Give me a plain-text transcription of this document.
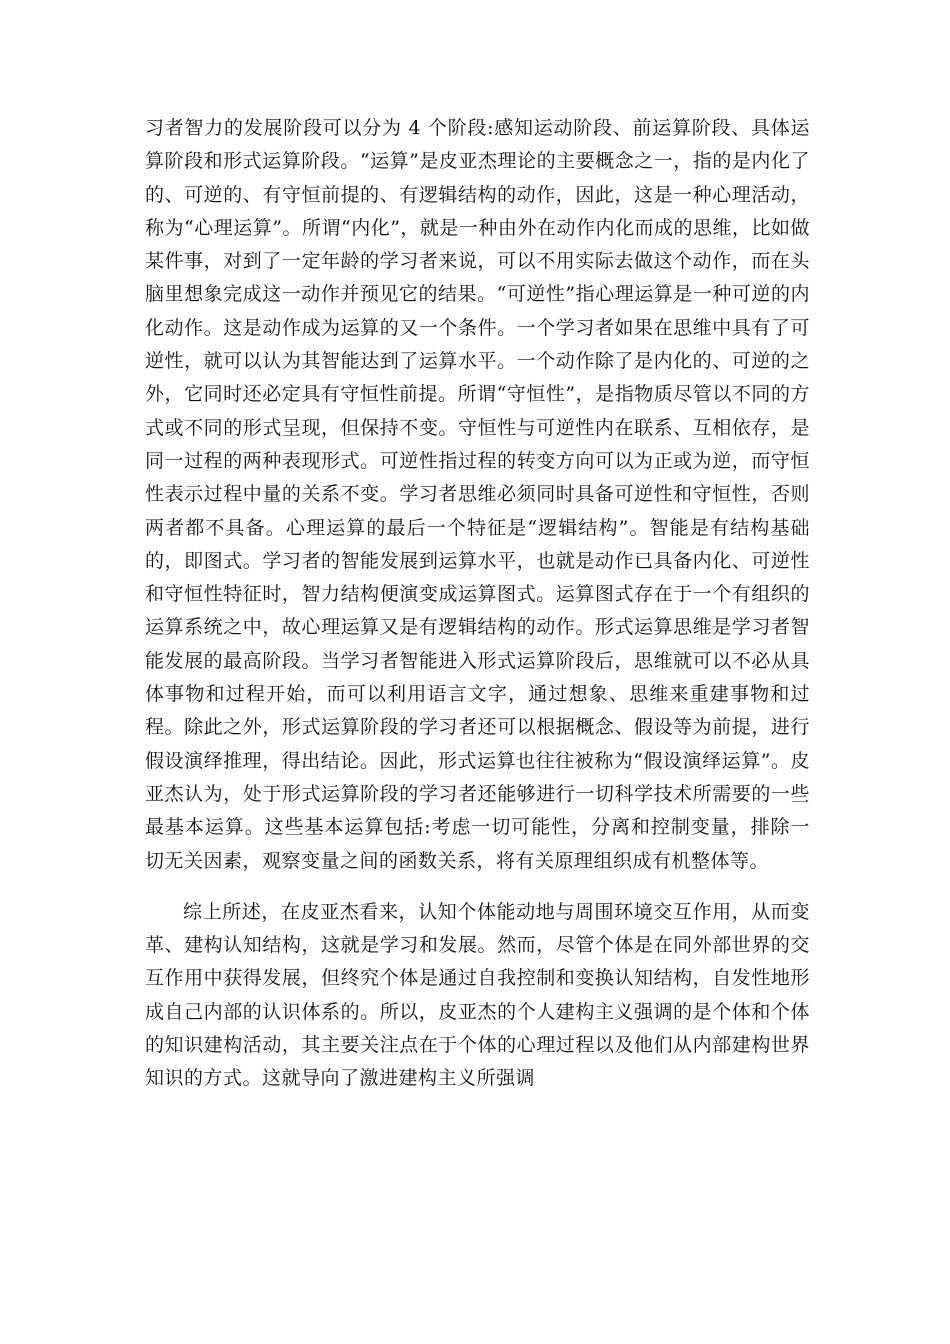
习者智力的发展阶段可以分为 4 个阶段:感知运动阶段、前运算阶段、具体运算阶段和形式运算阶段。“运算”是皮亚杰理论的主要概念之一，指的是内化了的、可逆的、有守恒前提的、有逻辑结构的动作，因此，这是一种心理活动，称为“心理运算”。所谓“内化”，就是一种由外在动作内化而成的思维，比如做某件事，对到了一定年龄的学习者来说，可以不用实际去做这个动作，而在头脑里想象完成这一动作并预见它的结果。“可逆性”指心理运算是一种可逆的内化动作。这是动作成为运算的又一个条件。一个学习者如果在思维中具有了可逆性，就可以认为其智能达到了运算水平。一个动作除了是内化的、可逆的之外，它同时还必定具有守恒性前提。所谓“守恒性”，是指物质尽管以不同的方式或不同的形式呈现，但保持不变。守恒性与可逆性内在联系、互相依存，是同一过程的两种表现形式。可逆性指过程的转变方向可以为正或为逆，而守恒性表示过程中量的关系不变。学习者思维必须同时具备可逆性和守恒性，否则两者都不具备。心理运算的最后一个特征是“逻辑结构”。智能是有结构基础的，即图式。学习者的智能发展到运算水平，也就是动作已具备内化、可逆性和守恒性特征时，智力结构便演变成运算图式。运算图式存在于一个有组织的运算系统之中，故心理运算又是有逻辑结构的动作。形式运算思维是学习者智能发展的最高阶段。当学习者智能进入形式运算阶段后，思维就可以不必从具体事物和过程开始，而可以利用语言文字，通过想象、思维来重建事物和过程。除此之外，形式运算阶段的学习者还可以根据概念、假设等为前提，进行假设演绎推理，得出结论。因此，形式运算也往往被称为“假设演绎运算”。皮亚杰认为，处于形式运算阶段的学习者还能够进行一切科学技术所需要的一些最基本运算。这些基本运算包括:考虑一切可能性，分离和控制变量，排除一切无关因素，观察变量之间的函数关系，将有关原理组织成有机整体等。

综上所述，在皮亚杰看来，认知个体能动地与周围环境交互作用，从而变革、建构认知结构，这就是学习和发展。然而，尽管个体是在同外部世界的交互作用中获得发展，但终究个体是通过自我控制和变换认知结构，自发性地形成自己内部的认识体系的。所以，皮亚杰的个人建构主义强调的是个体和个体的知识建构活动，其主要关注点在于个体的心理过程以及他们从内部建构世界知识的方式。这就导向了激进建构主义所强调
